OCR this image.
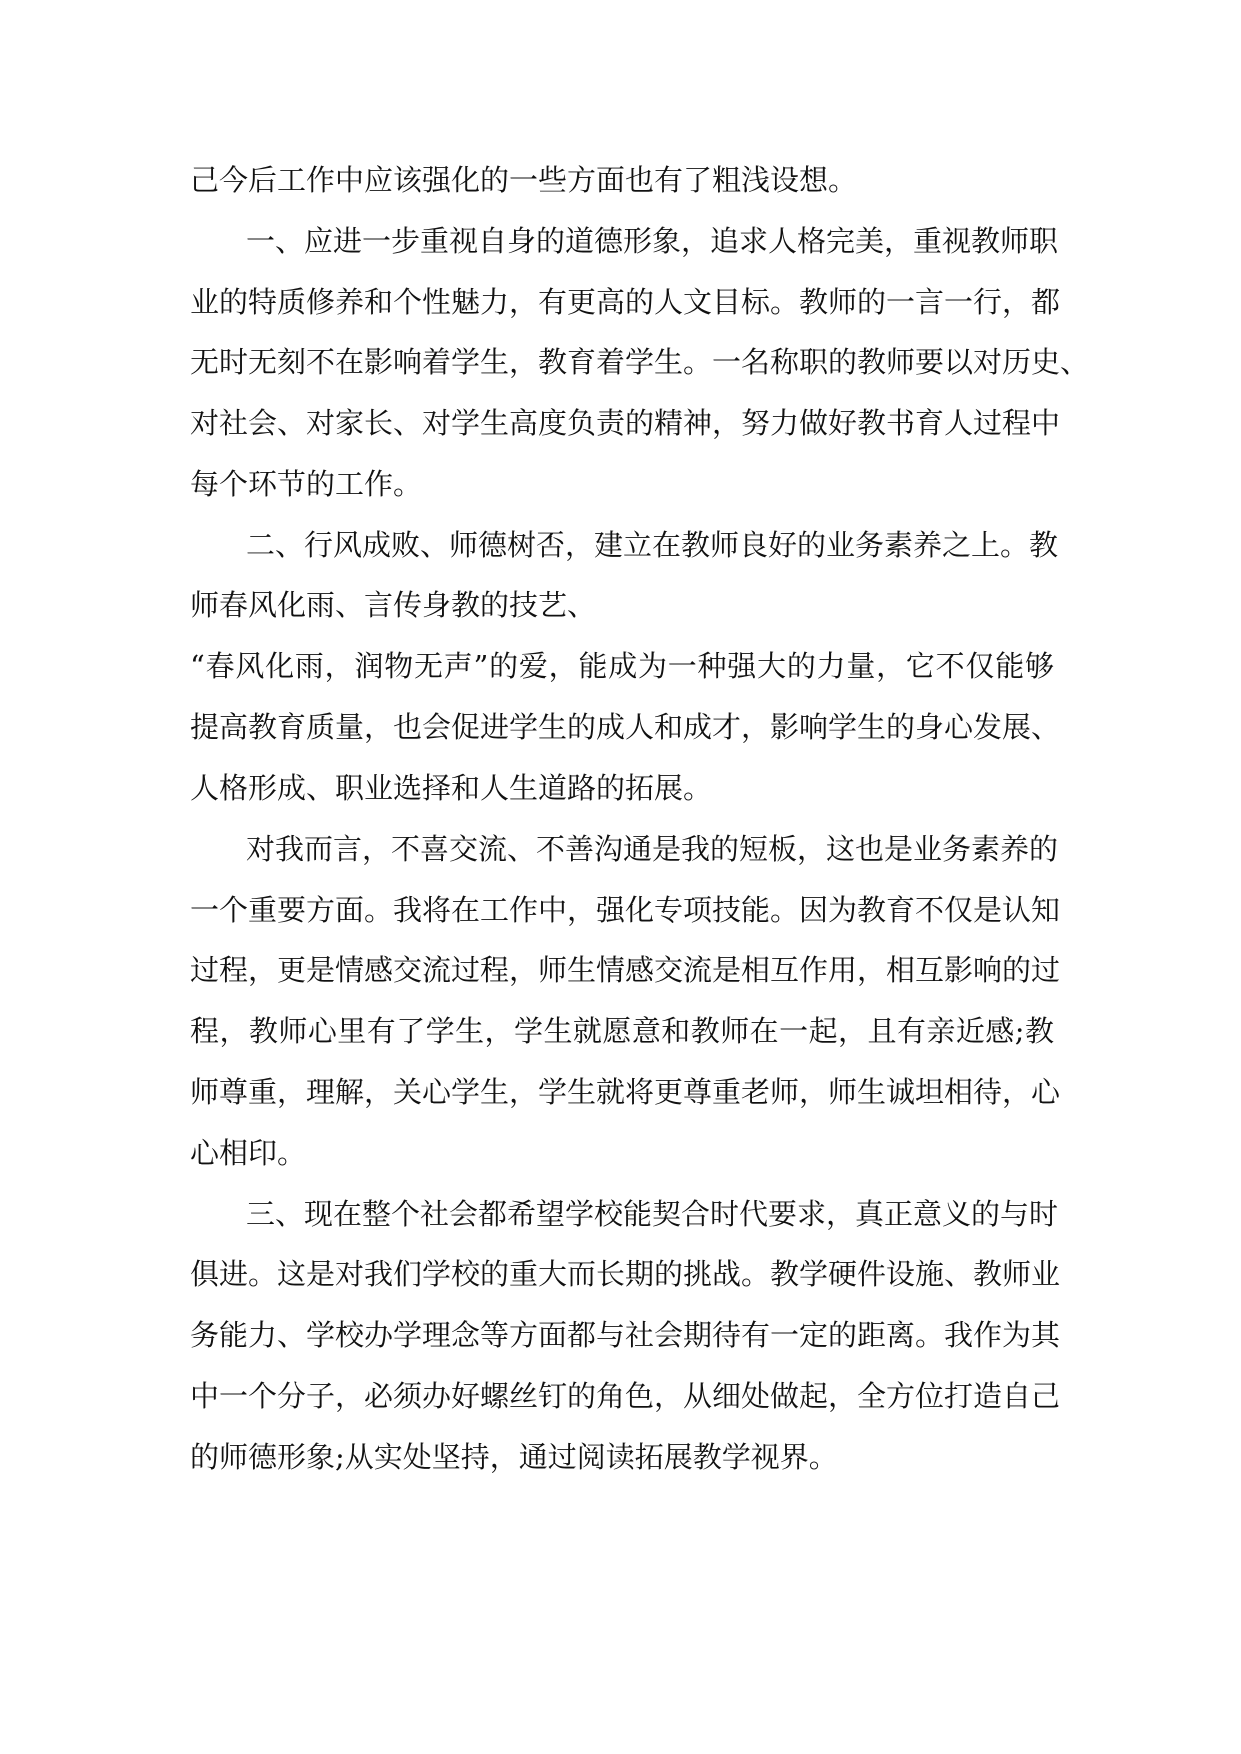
己今后工作中应该强化的一些方面也有了粗浅设想。

一、应进一步重视自身的道德形象，追求人格完美，重视教师职

业的特质修养和个性魅力，有更高的人文目标。教师的一言一行，都

无时无刻不在影响着学生，教育着学生。一名称职的教师要以对历史、

对社会、对家长、对学生高度负责的精神，努力做好教书育人过程中

每个环节的工作。

二、行风成败、师德树否，建立在教师良好的业务素养之上。教

师春风化雨、言传身教的技艺、

“春风化雨，润物无声”的爱，能成为一种强大的力量，它不仅能够

提高教育质量，也会促进学生的成人和成才，影响学生的身心发展、

人格形成、职业选择和人生道路的拓展。

对我而言，不喜交流、不善沟通是我的短板，这也是业务素养的

一个重要方面。我将在工作中，强化专项技能。因为教育不仅是认知

过程，更是情感交流过程，师生情感交流是相互作用，相互影响的过

程，教师心里有了学生，学生就愿意和教师在一起，且有亲近感;教

师尊重，理解，关心学生，学生就将更尊重老师，师生诚坦相待，心

心相印。

三、现在整个社会都希望学校能契合时代要求，真正意义的与时

俱进。这是对我们学校的重大而长期的挑战。教学硬件设施、教师业

务能力、学校办学理念等方面都与社会期待有一定的距离。我作为其

中一个分子，必须办好螺丝钉的角色，从细处做起，全方位打造自己

的师德形象;从实处坚持，通过阅读拓展教学视界。
